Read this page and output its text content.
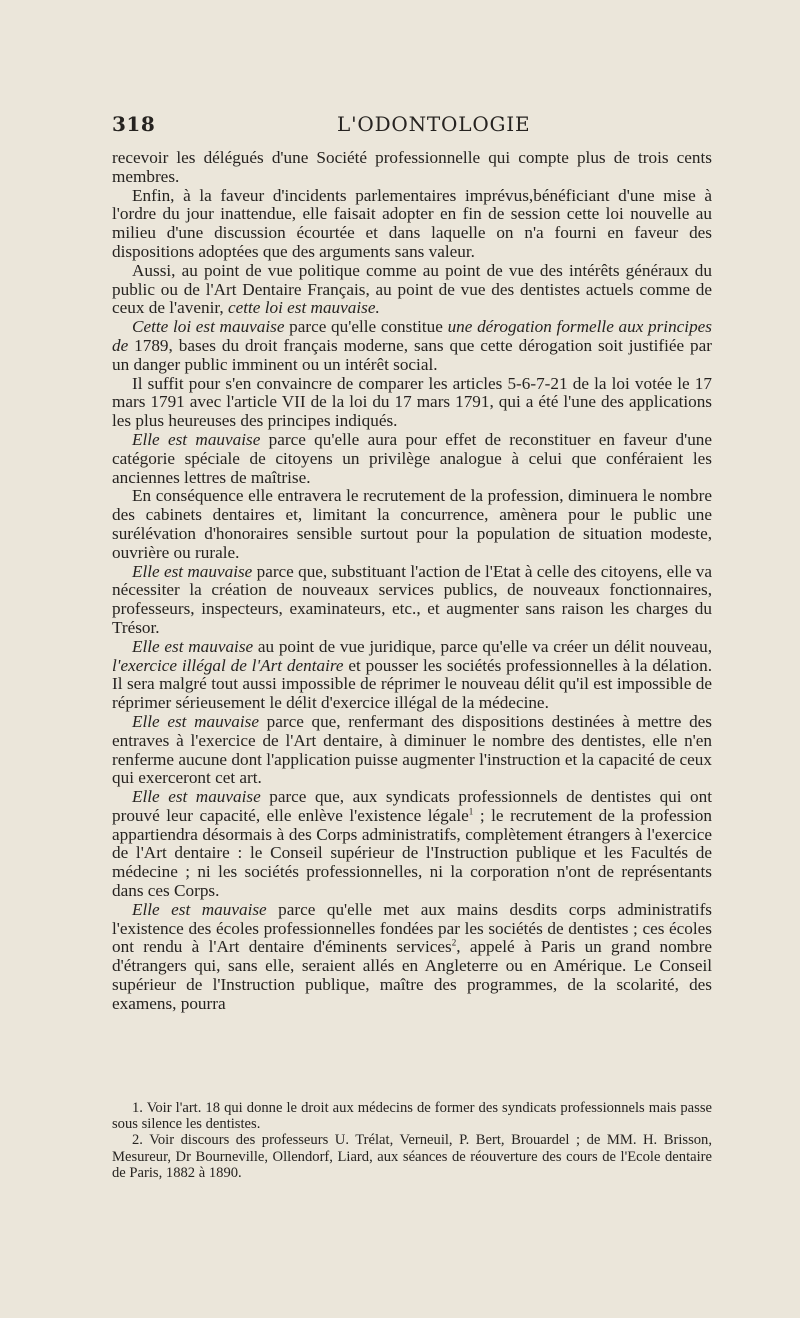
318	L'ODONTOLOGIE

recevoir les délégués d'une Société professionnelle qui compte plus de trois cents membres.

Enfin, à la faveur d'incidents parlementaires imprévus,bénéficiant d'une mise à l'ordre du jour inattendue, elle faisait adopter en fin de session cette loi nouvelle au milieu d'une discussion écourtée et dans laquelle on n'a fourni en faveur des dispositions adoptées que des arguments sans valeur.

Aussi, au point de vue politique comme au point de vue des intérêts généraux du public ou de l'Art Dentaire Français, au point de vue des dentistes actuels comme de ceux de l'avenir, cette loi est mauvaise.

Cette loi est mauvaise parce qu'elle constitue une dérogation formelle aux principes de 1789, bases du droit français moderne, sans que cette dérogation soit justifiée par un danger public imminent ou un intérêt social.

Il suffit pour s'en convaincre de comparer les articles 5-6-7-21 de la loi votée le 17 mars 1791 avec l'article VII de la loi du 17 mars 1791, qui a été l'une des applications les plus heureuses des principes indiqués.

Elle est mauvaise parce qu'elle aura pour effet de reconstituer en faveur d'une catégorie spéciale de citoyens un privilège analogue à celui que conféraient les anciennes lettres de maîtrise.

En conséquence elle entravera le recrutement de la profession, diminuera le nombre des cabinets dentaires et, limitant la concurrence, amènera pour le public une surélévation d'honoraires sensible surtout pour la population de situation modeste, ouvrière ou rurale.

Elle est mauvaise parce que, substituant l'action de l'Etat à celle des citoyens, elle va nécessiter la création de nouveaux services publics, de nouveaux fonctionnaires, professeurs, inspecteurs, examinateurs, etc., et augmenter sans raison les charges du Trésor.

Elle est mauvaise au point de vue juridique, parce qu'elle va créer un délit nouveau, l'exercice illégal de l'Art dentaire et pousser les sociétés professionnelles à la délation. Il sera malgré tout aussi impossible de réprimer le nouveau délit qu'il est impossible de réprimer sérieusement le délit d'exercice illégal de la médecine.

Elle est mauvaise parce que, renfermant des dispositions destinées à mettre des entraves à l'exercice de l'Art dentaire, à diminuer le nombre des dentistes, elle n'en renferme aucune dont l'application puisse augmenter l'instruction et la capacité de ceux qui exerceront cet art.

Elle est mauvaise parce que, aux syndicats professionnels de dentistes qui ont prouvé leur capacité, elle enlève l'existence légale$^1$ ; le recrutement de la profession appartiendra désormais à des Corps administratifs, complètement étrangers à l'exercice de l'Art dentaire : le Conseil supérieur de l'Instruction publique et les Facultés de médecine ; ni les sociétés professionnelles, ni la corporation n'ont de représentants dans ces Corps.

Elle est mauvaise parce qu'elle met aux mains desdits corps administratifs l'existence des écoles professionnelles fondées par les sociétés de dentistes ; ces écoles ont rendu à l'Art dentaire d'éminents services$^2$, appelé à Paris un grand nombre d'étrangers qui, sans elle, seraient allés en Angleterre ou en Amérique. Le Conseil supérieur de l'Instruction publique, maître des programmes, de la scolarité, des examens, pourra

1. Voir l'art. 18 qui donne le droit aux médecins de former des syndicats professionnels mais passe sous silence les dentistes.

2. Voir discours des professeurs U. Trélat, Verneuil, P. Bert, Brouardel ; de MM. H. Brisson, Mesureur, Dr Bourneville, Ollendorf, Liard, aux séances de réouverture des cours de l'Ecole dentaire de Paris, 1882 à 1890.
